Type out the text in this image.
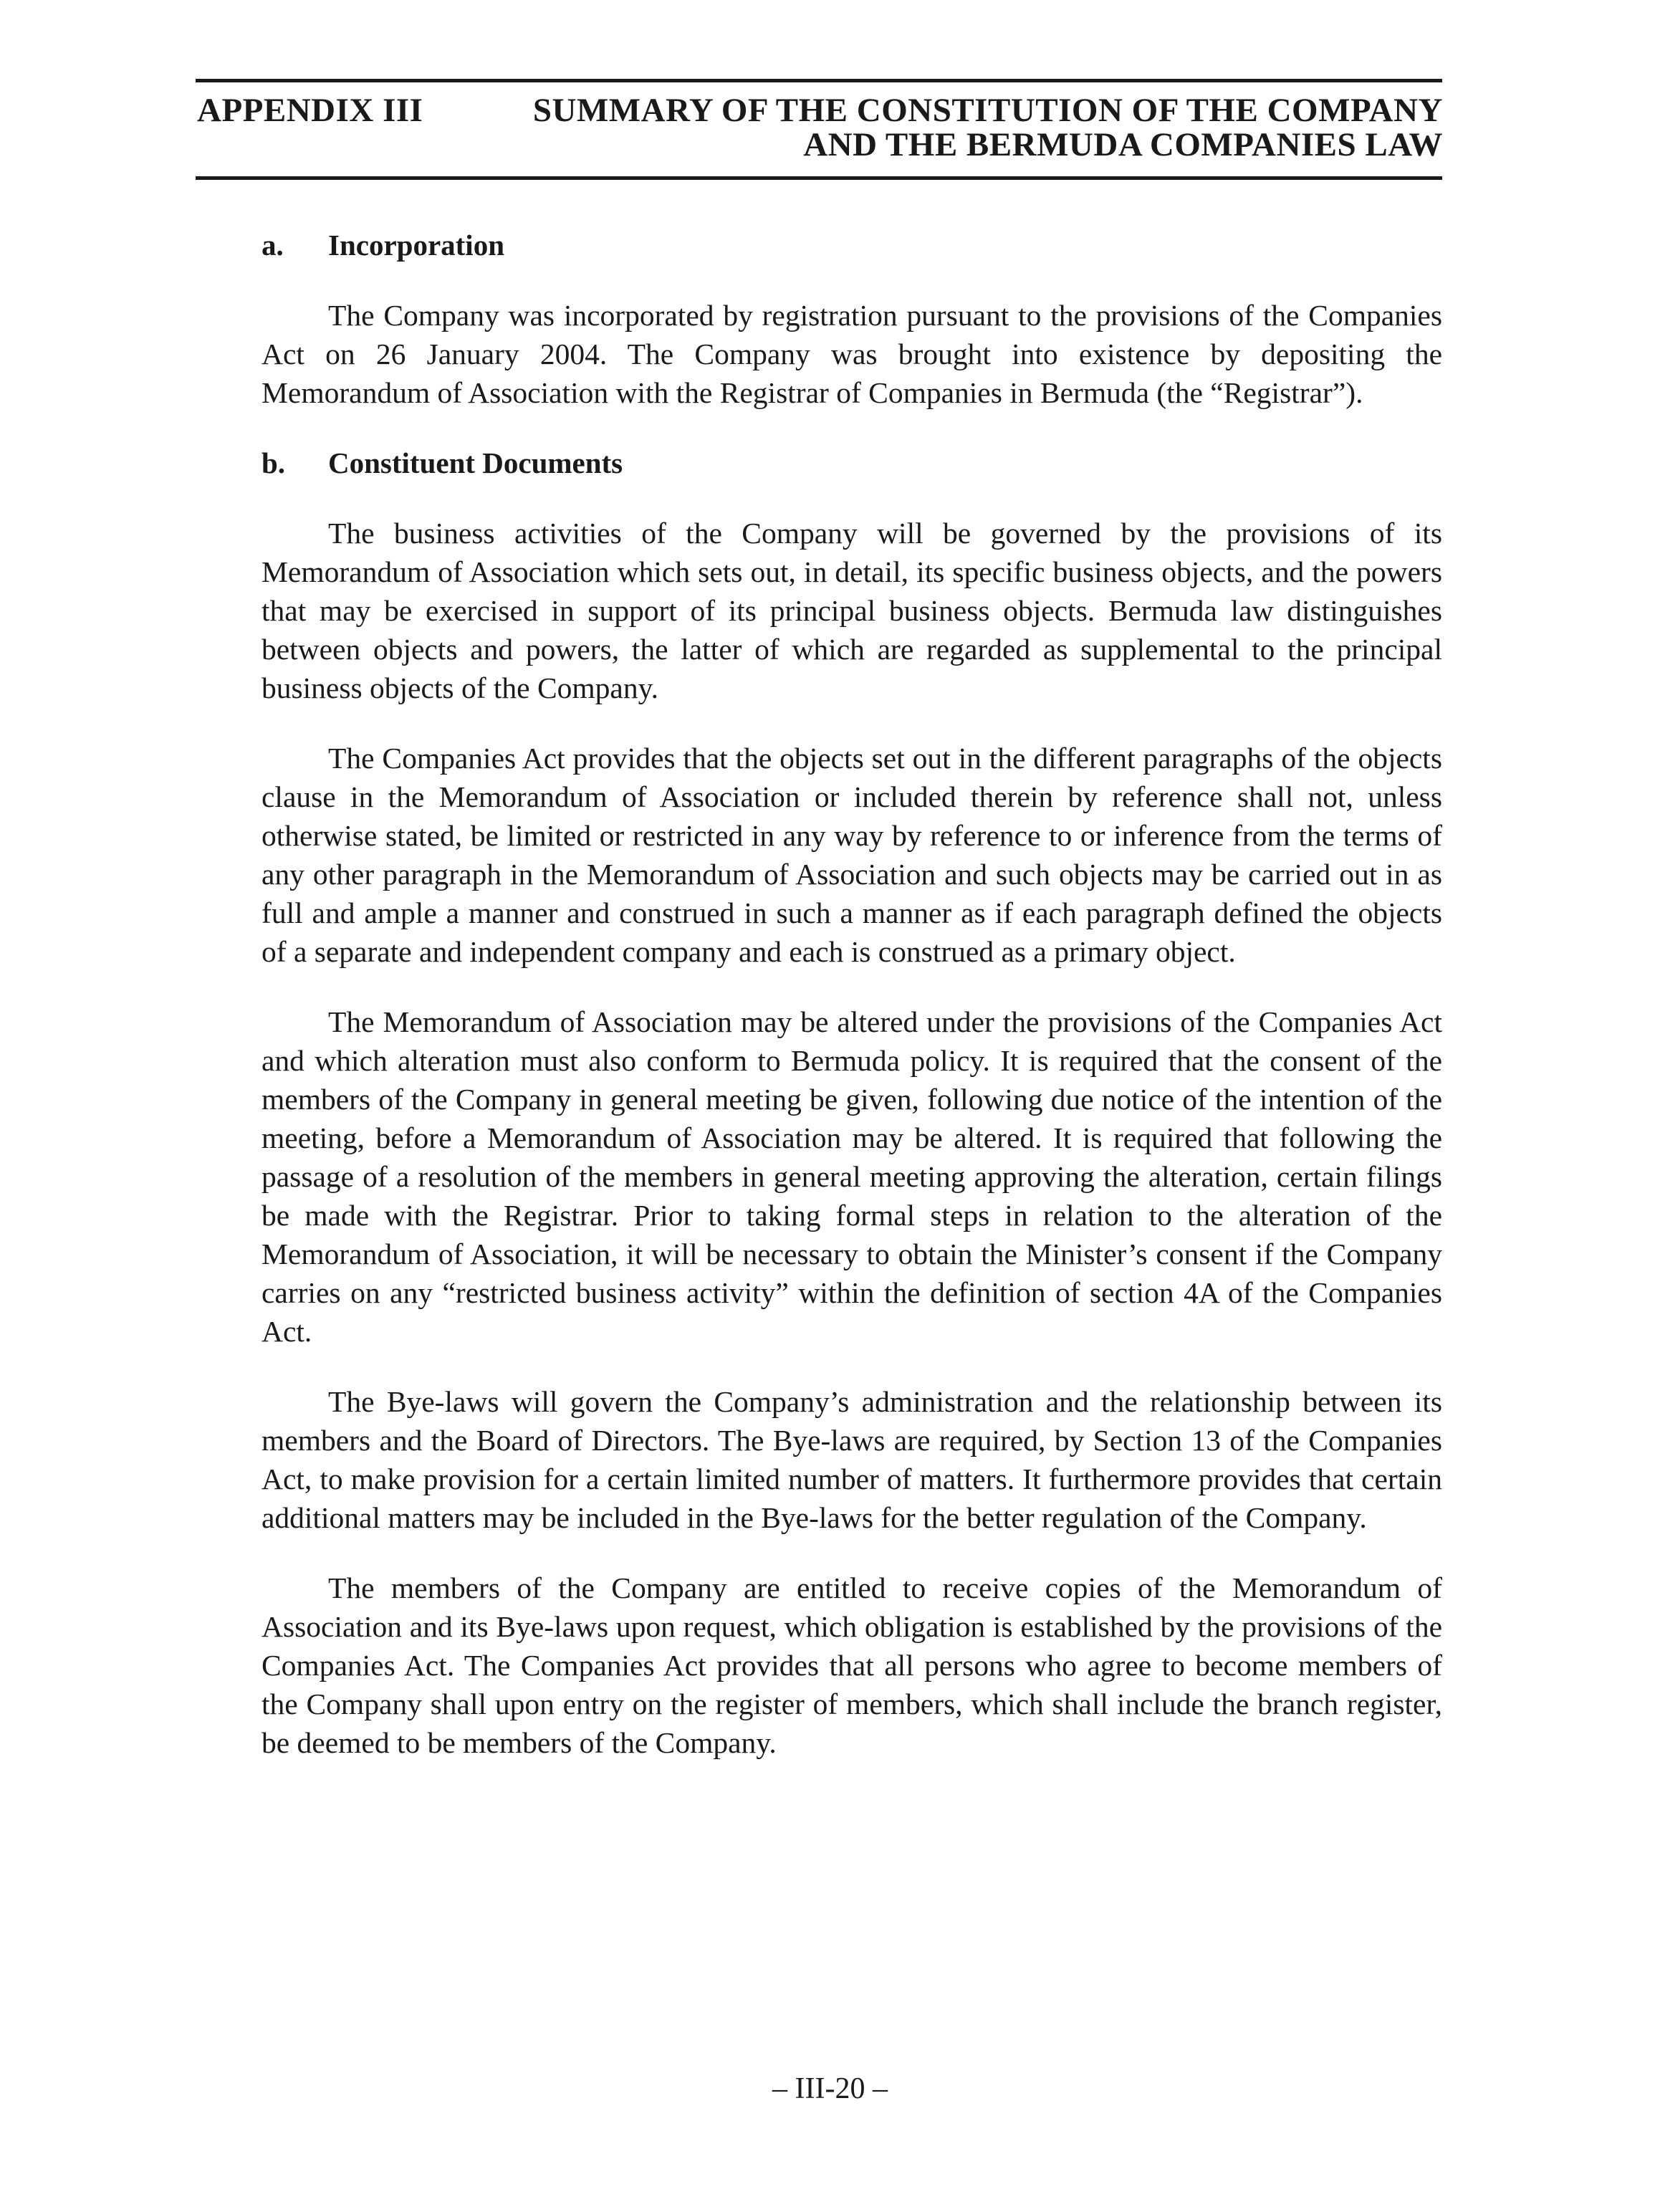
APPENDIX III	SUMMARY OF THE CONSTITUTION OF THE COMPANY
AND THE BERMUDA COMPANIES LAW
a. Incorporation

The Company was incorporated by registration pursuant to the provisions of the Companies Act on 26 January 2004. The Company was brought into existence by depositing the Memorandum of Association with the Registrar of Companies in Bermuda (the “Registrar”).

b. Constituent Documents

The business activities of the Company will be governed by the provisions of its Memorandum of Association which sets out, in detail, its specific business objects, and the powers that may be exercised in support of its principal business objects. Bermuda law distinguishes between objects and powers, the latter of which are regarded as supplemental to the principal business objects of the Company.

The Companies Act provides that the objects set out in the different paragraphs of the objects clause in the Memorandum of Association or included therein by reference shall not, unless otherwise stated, be limited or restricted in any way by reference to or inference from the terms of any other paragraph in the Memorandum of Association and such objects may be carried out in as full and ample a manner and construed in such a manner as if each paragraph defined the objects of a separate and independent company and each is construed as a primary object.

The Memorandum of Association may be altered under the provisions of the Companies Act and which alteration must also conform to Bermuda policy. It is required that the consent of the members of the Company in general meeting be given, following due notice of the intention of the meeting, before a Memorandum of Association may be altered. It is required that following the passage of a resolution of the members in general meeting approving the alteration, certain filings be made with the Registrar. Prior to taking formal steps in relation to the alteration of the Memorandum of Association, it will be necessary to obtain the Minister’s consent if the Company carries on any “restricted business activity” within the definition of section 4A of the Companies Act.

The Bye-laws will govern the Company’s administration and the relationship between its members and the Board of Directors. The Bye-laws are required, by Section 13 of the Companies Act, to make provision for a certain limited number of matters. It furthermore provides that certain additional matters may be included in the Bye-laws for the better regulation of the Company.

The members of the Company are entitled to receive copies of the Memorandum of Association and its Bye-laws upon request, which obligation is established by the provisions of the Companies Act. The Companies Act provides that all persons who agree to become members of the Company shall upon entry on the register of members, which shall include the branch register, be deemed to be members of the Company.

– III-20 –
